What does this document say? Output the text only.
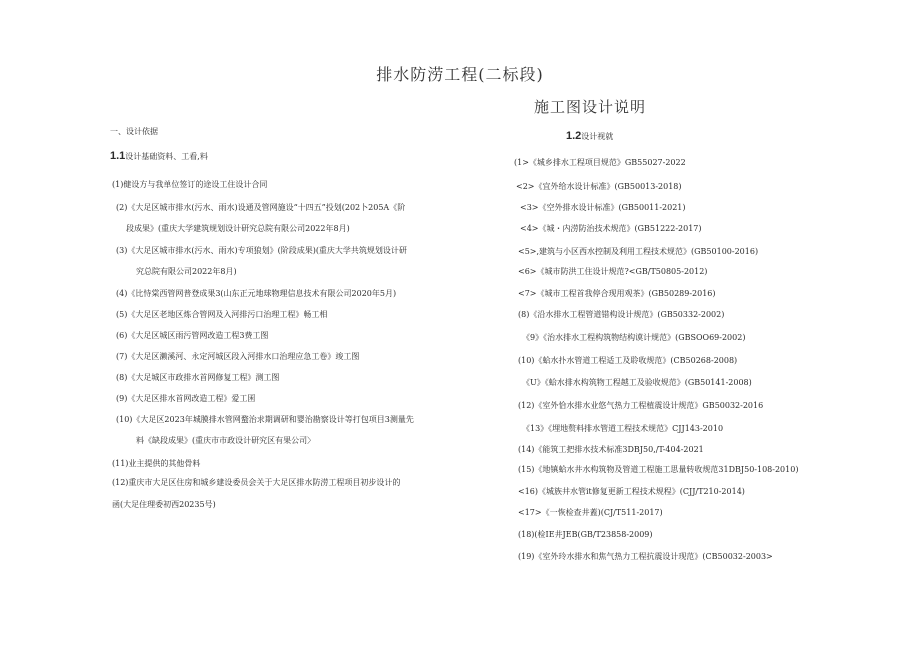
排水防涝工程(二标段)
施工图设计说明
一、设计依据
1.1设计基础资料、工看,料
(1)健设方与我单位签订的途设工住设计合同
(2)《大足区城市排水(污水、雨水)设通及管网施设“十四五”投划(202卜205A《阶
段成果》(重庆大学建筑规划设计研究总院有限公司2022年8月)
(3)《大足区城市排水(污水、雨水)专项狼划》(阶段成果)(重庆大学共筑规划设计研
究总院有限公司2022年8月)
(4)《比恃棠西管网普登成果3(山东正元地球物理信息技术有限公司2020年5月)
(5)《大足区老地区炼合管网及入河排污口治理工程》畅工相
(6)《大足区城区雨污管网改造工程3费工图
(7)《大足区濑溪河、永定河城区段入河排水口治理应急工卷》竣工图
(8)《大足城区市政排水首网修复工程》测工图
(9)《大足区排水首网改造工程》爱工囷
(10)《大足区2023年城膜排水管网蝥治求期调研和婴治勘察设计等打包项目3测量先
料《缺段成果》(重庆市市政设计研究区有果公司〉
(11)业主提供的其他骨料
(12)重庆市大足区住房和城乡建设委员会关于大足区排水防涝工程项目初步设计的
函(大足住理委初西20235号)
1.2设计视就
(1>《城乡排水工程项目规范》GB55027-2022
<2>《宜外给水设计标准》(GB50013-2018)
<3>《空外排水设计标准》(GB50011-2021)
<4>《城・内涝防治技术规范》(GB51222-2017)
<5>,建筑与小区西水控制及利用工程技术规范》(GB50100-2016)
<6>《城市防洪工住设计规范?<GB/T50805-2012)
<7>《城市工程首我停合现用观茶》(GB50289-2016)
(8)《沿水排水工程管道错构设计规范》(GB50332-2002)
《9》《治水排水工程构筑物结构谟计规范》(GBSOO69-2002)
(10)《蛤水扑水管道工程适工及聆收规范》(CB50268-2008)
《U》《蛤水排水构筑物工程越工及验收规范》(GB50141-2008)
(12)《室外恰水排水业悠气热力工程植震设计规范》GB50032-2016
《13》《埋地赘料排水管道工程技术规范》CJJ143-2010
(14)《能筑工把排水技术标准3DBJ50,/T-404-2021
(15)《地镇蛤水井水构筑物及管道工程施工思量转收规范31DBJ50-108-2010)
<16)《城族井水管it修复更新工程技术规程》(CJJ/T210-2014)
<17>《一恢检查井蓋)(CJ/T511-2017)
(18)(检IE井JEB(GB/T23858-2009)
(19)《室外玲水排水和焦气热力工程抗震设计现范》(CB50032-2003>
